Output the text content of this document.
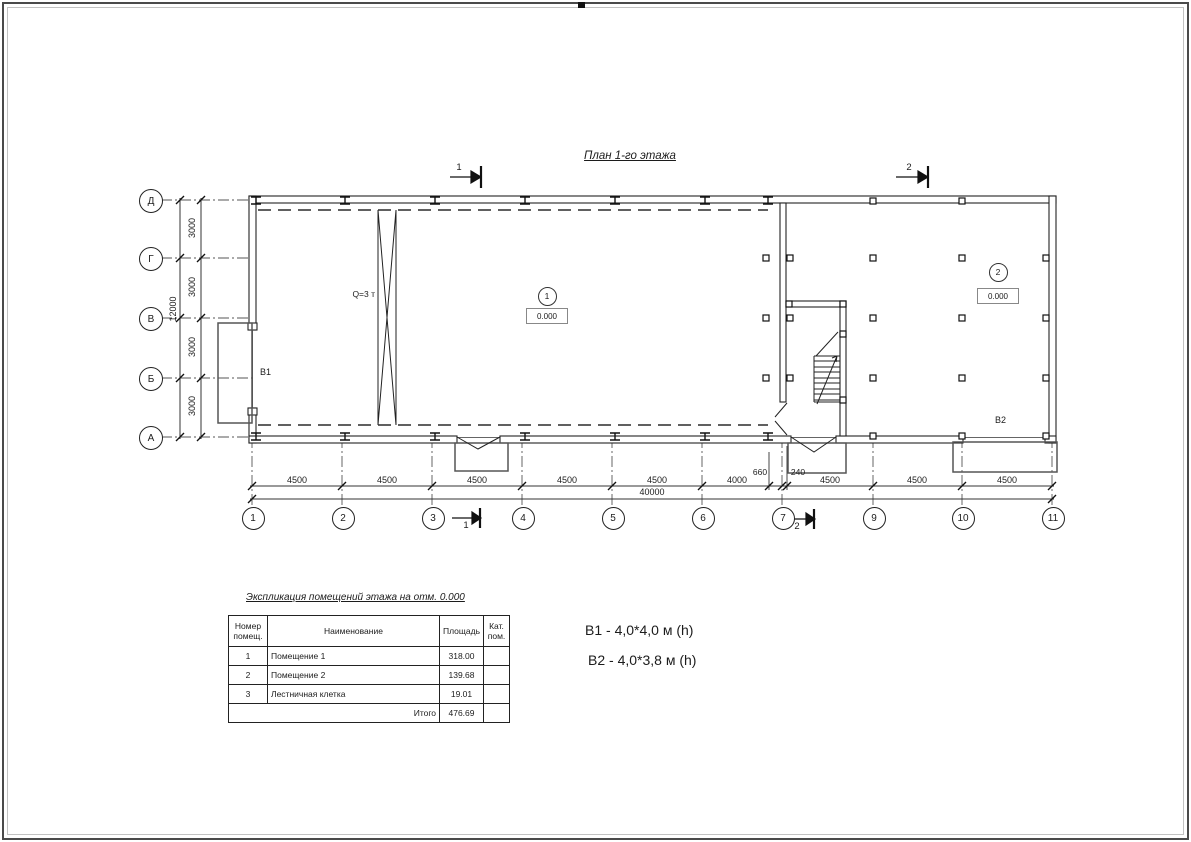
План 1-го этажа
1	2
1	2
Д
Г
В
Б
А
1	2	3	4	5	6	7	9	10	11
3000
3000
3000
3000
12000
4500	4500	4500	4500	4500	4000
660	240
4500	4500	4500
40000
Q=3 т	1
0.000
2
0.000
В1
В2
Экспликация помещений этажа на отм. 0.000
Номер помещ.	Наименование	Площадь	Кат. пом.
1	Помещение 1	318.00	
2	Помещение 2	139.68	
3	Лестничная клетка	19.01	
Итого		476.69	
В1 - 4,0*4,0 м (h)
В2 - 4,0*3,8 м (h)
